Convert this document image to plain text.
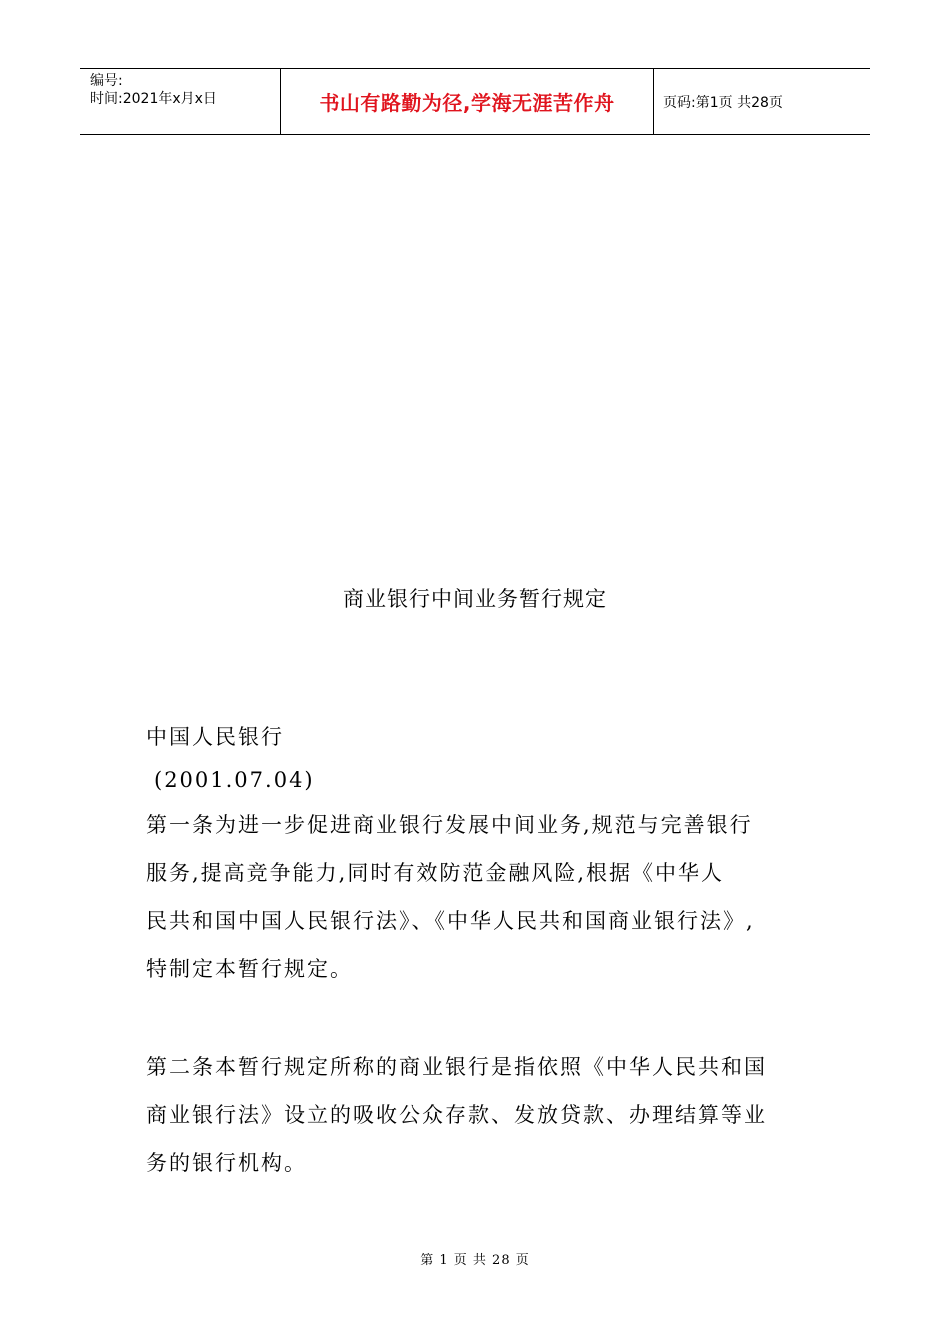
编号:
时间:2021年x月x日	书山有路勤为径,学海无涯苦作舟	页码:第1页 共28页
商业银行中间业务暂行规定

中国人民银行

(2001.07.04)

第一条为进一步促进商业银行发展中间业务,规范与完善银行

服务,提高竞争能力,同时有效防范金融风险,根据《中华人

民共和国中国人民银行法》、《中华人民共和国商业银行法》,

特制定本暂行规定。

第二条本暂行规定所称的商业银行是指依照《中华人民共和国

商业银行法》设立的吸收公众存款、发放贷款、办理结算等业

务的银行机构。

第 1 页 共 28 页
